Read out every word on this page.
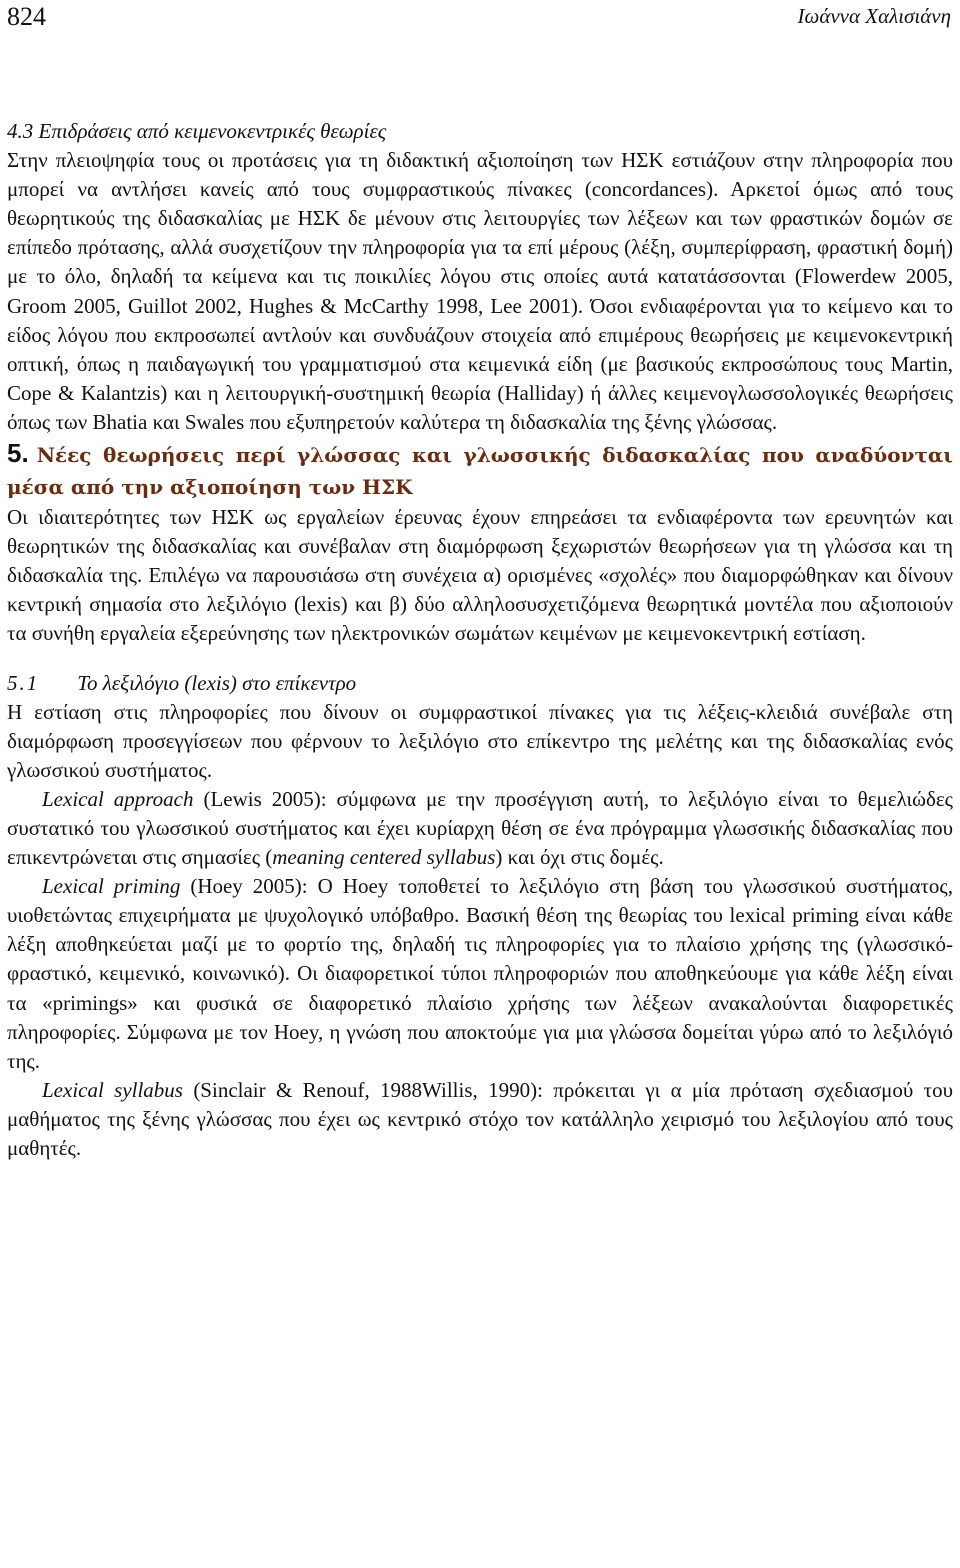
824	Ιωάννα Χαλισιάνη

4.3 Επιδράσεις από κειμενοκεντρικές θεωρίες

Στην πλειοψηφία τους οι προτάσεις για τη διδακτική αξιοποίηση των ΗΣΚ εστιάζουν στην πληροφορία που μπορεί να αντλήσει κανείς από τους συμφραστικούς πίνακες (concordances). Αρκετοί όμως από τους θεωρητικούς της διδασκαλίας με ΗΣΚ δε μένουν στις λειτουργίες των λέξεων και των φραστικών δομών σε επίπεδο πρότασης, αλλά συσχετίζουν την πληροφορία για τα επί μέρους (λέξη, συμπερίφραση, φραστική δομή) με το όλο, δηλαδή τα κείμενα και τις ποικιλίες λόγου στις οποίες αυτά κατατάσσονται (Flowerdew 2005, Groom 2005, Guillot 2002, Hughes & McCarthy 1998, Lee 2001). Όσοι ενδιαφέρονται για το κείμενο και το είδος λόγου που εκπροσωπεί αντλούν και συνδυάζουν στοιχεία από επιμέρους θεωρήσεις με κειμενοκεντρική οπτική, όπως η παιδαγωγική του γραμματισμού στα κειμενικά είδη (με βασικούς εκπροσώπους τους Martin, Cope & Kalantzis) και η λειτουργική-συστημική θεωρία (Halliday) ή άλλες κειμενογλωσσολογικές θεωρήσεις όπως των Bhatia και Swales που εξυπηρετούν καλύτερα τη διδασκαλία της ξένης γλώσσας.

5. Νέες θεωρήσεις περί γλώσσας και γλωσσικής διδασκαλίας που αναδύονται μέσα από την αξιοποίηση των ΗΣΚ

Οι ιδιαιτερότητες των ΗΣΚ ως εργαλείων έρευνας έχουν επηρεάσει τα ενδιαφέροντα των ερευνητών και θεωρητικών της διδασκαλίας και συνέβαλαν στη διαμόρφωση ξεχωριστών θεωρήσεων για τη γλώσσα και τη διδασκαλία της. Επιλέγω να παρουσιάσω στη συνέχεια α) ορισμένες «σχολές» που διαμορφώθηκαν και δίνουν κεντρική σημασία στο λεξιλόγιο (lexis) και β) δύο αλληλοσυσχετιζόμενα θεωρητικά μοντέλα που αξιοποιούν τα συνήθη εργαλεία εξερεύνησης των ηλεκτρονικών σωμάτων κειμένων με κειμενοκεντρική εστίαση.

5.1 Το λεξιλόγιο (lexis) στο επίκεντρο

Η εστίαση στις πληροφορίες που δίνουν οι συμφραστικοί πίνακες για τις λέξεις-κλειδιά συνέβαλε στη διαμόρφωση προσεγγίσεων που φέρνουν το λεξιλόγιο στο επίκεντρο της μελέτης και της διδασκαλίας ενός γλωσσικού συστήματος.

Lexical approach (Lewis 2005): σύμφωνα με την προσέγγιση αυτή, το λεξιλόγιο είναι το θεμελιώδες συστατικό του γλωσσικού συστήματος και έχει κυρίαρχη θέση σε ένα πρόγραμμα γλωσσικής διδασκαλίας που επικεντρώνεται στις σημασίες (meaning centered syllabus) και όχι στις δομές.

Lexical priming (Hoey 2005): Ο Hoey τοποθετεί το λεξιλόγιο στη βάση του γλωσσικού συστήματος, υιοθετώντας επιχειρήματα με ψυχολογικό υπόβαθρο. Βασική θέση της θεωρίας του lexical priming είναι κάθε λέξη αποθηκεύεται μαζί με το φορτίο της, δηλαδή τις πληροφορίες για το πλαίσιο χρήσης της (γλωσσικό-φραστικό, κειμενικό, κοινωνικό). Οι διαφορετικοί τύποι πληροφοριών που αποθηκεύουμε για κάθε λέξη είναι τα «primings» και φυσικά σε διαφορετικό πλαίσιο χρήσης των λέξεων ανακαλούνται διαφορετικές πληροφορίες. Σύμφωνα με τον Hoey, η γνώση που αποκτούμε για μια γλώσσα δομείται γύρω από το λεξιλόγιό της.

Lexical syllabus (Sinclair & Renouf, 1988Willis, 1990): πρόκειται γι α μία πρόταση σχεδιασμού του μαθήματος της ξένης γλώσσας που έχει ως κεντρικό στόχο τον κατάλληλο χειρισμό του λεξιλογίου από τους μαθητές.
